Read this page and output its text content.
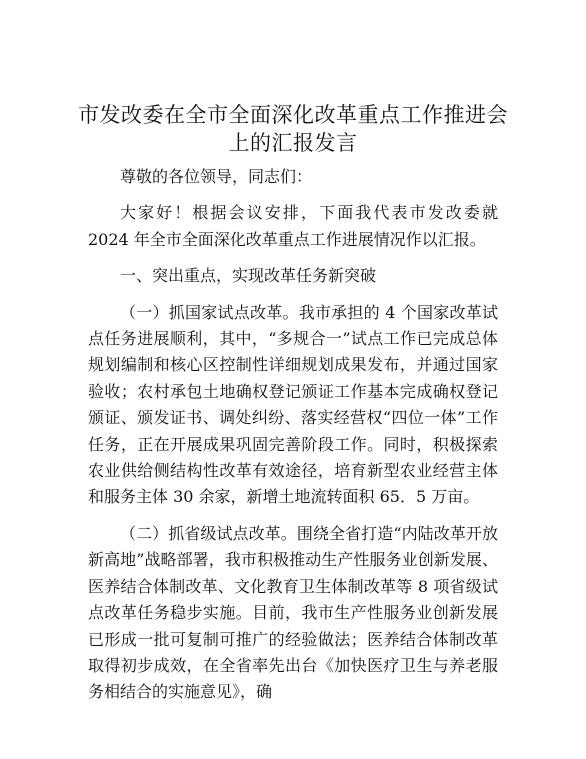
市发改委在全市全面深化改革重点工作推进会
上的汇报发言

尊敬的各位领导，同志们：

大家好！根据会议安排，下面我代表市发改委就 2024 年全市全面深化改革重点工作进展情况作以汇报。

一、突出重点，实现改革任务新突破

（一）抓国家试点改革。我市承担的 4 个国家改革试点任务进展顺利，其中，“多规合一”试点工作已完成总体规划编制和核心区控制性详细规划成果发布，并通过国家验收；农村承包土地确权登记颁证工作基本完成确权登记颁证、颁发证书、调处纠纷、落实经营权“四位一体”工作任务，正在开展成果巩固完善阶段工作。同时，积极探索农业供给侧结构性改革有效途径，培育新型农业经营主体和服务主体 30 余家，新增土地流转面积 65．5 万亩。

（二）抓省级试点改革。围绕全省打造“内陆改革开放新高地”战略部署，我市积极推动生产性服务业创新发展、医养结合体制改革、文化教育卫生体制改革等 8 项省级试点改革任务稳步实施。目前，我市生产性服务业创新发展已形成一批可复制可推广的经验做法；医养结合体制改革取得初步成效，在全省率先出台《加快医疗卫生与养老服务相结合的实施意见》，确
